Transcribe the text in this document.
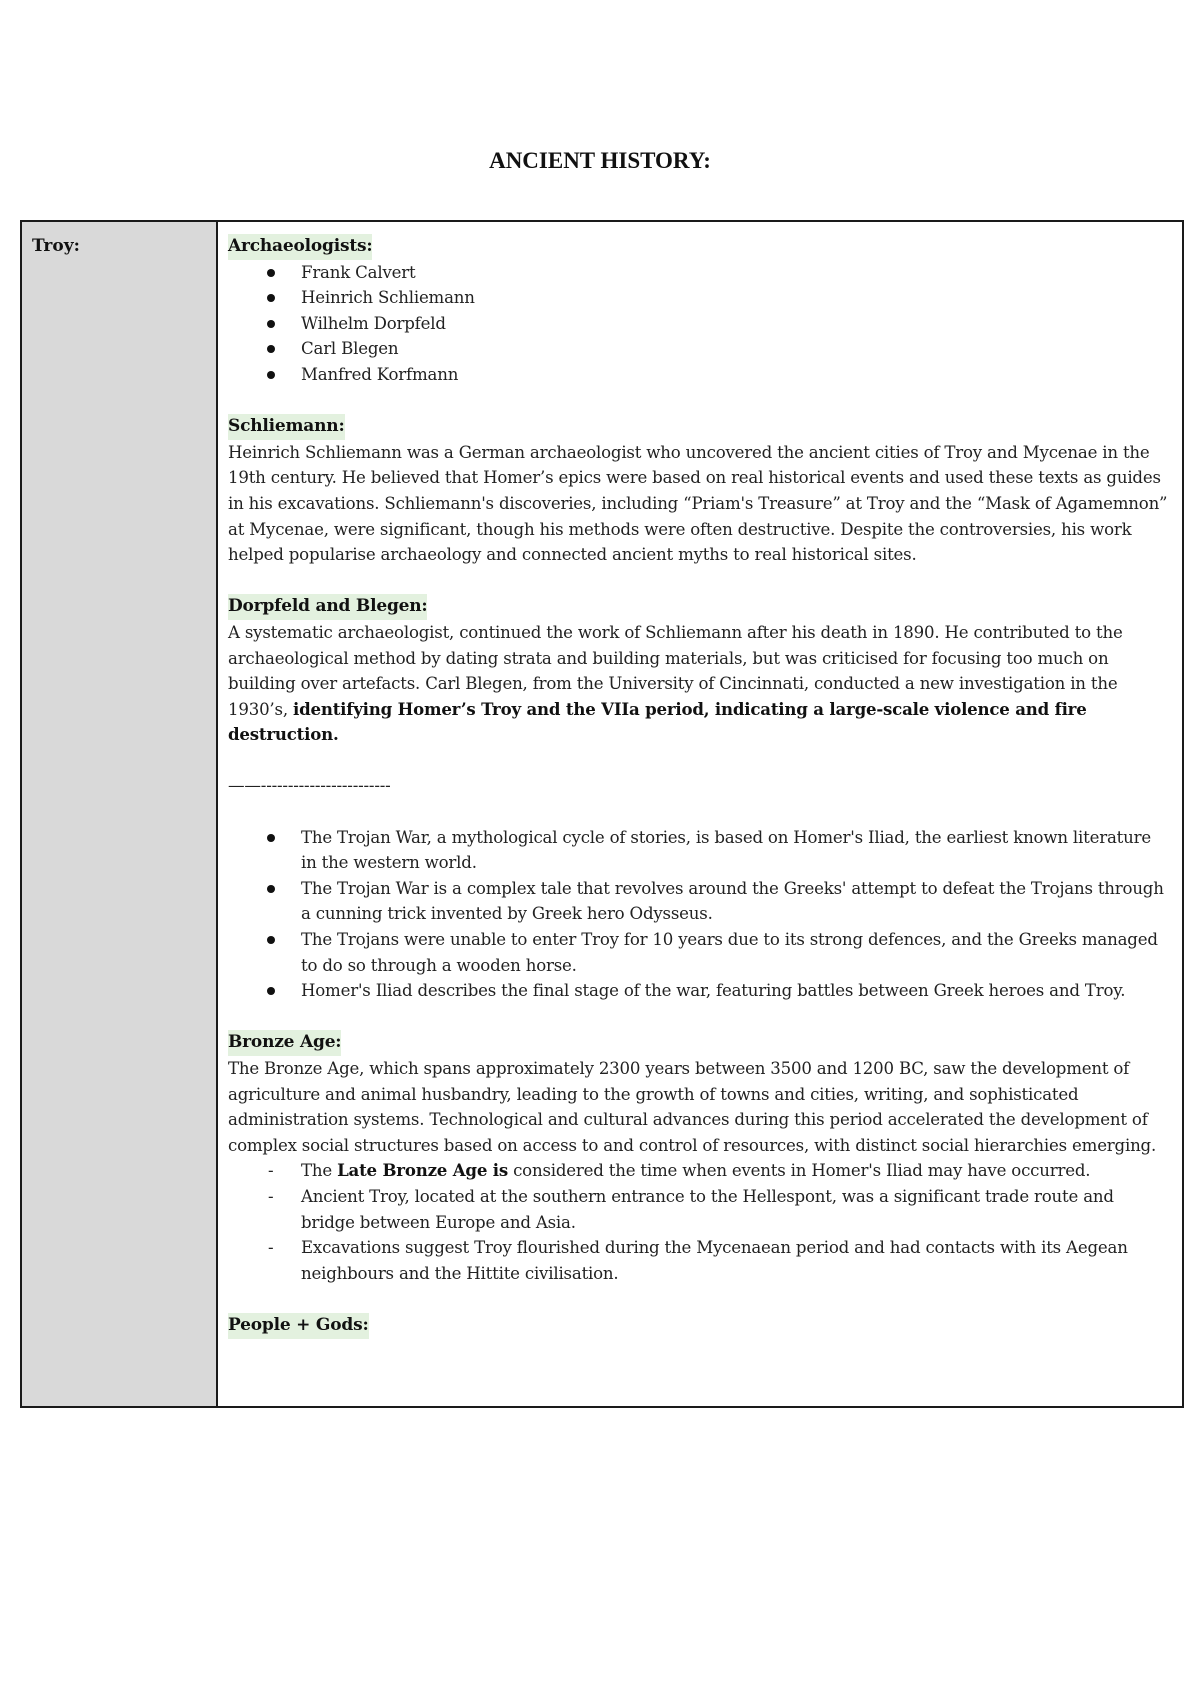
ANCIENT HISTORY:
Troy:	Archaeologists:
Frank Calvert
Heinrich Schliemann
Wilhelm Dorpfeld
Carl Blegen
Manfred Korfmann
Schliemann:

Heinrich Schliemann was a German archaeologist who uncovered the ancient cities of Troy and Mycenae in the 19th century. He believed that Homer’s epics were based on real historical events and used these texts as guides in his excavations. Schliemann's discoveries, including “Priam's Treasure” at Troy and the “Mask of Agamemnon” at Mycenae, were significant, though his methods were often destructive. Despite the controversies, his work helped popularise archaeology and connected ancient myths to real historical sites.

Dorpfeld and Blegen:

A systematic archaeologist, continued the work of Schliemann after his death in 1890. He contributed to the archaeological method by dating strata and building materials, but was criticised for focusing too much on building over artefacts. Carl Blegen, from the University of Cincinnati, conducted a new investigation in the 1930’s, identifying Homer’s Troy and the VIIa period, indicating a large-scale violence and fire destruction.

——------------------------

The Trojan War, a mythological cycle of stories, is based on Homer's Iliad, the earliest known literature in the western world.
The Trojan War is a complex tale that revolves around the Greeks' attempt to defeat the Trojans through a cunning trick invented by Greek hero Odysseus.
The Trojans were unable to enter Troy for 10 years due to its strong defences, and the Greeks managed to do so through a wooden horse.
Homer's Iliad describes the final stage of the war, featuring battles between Greek heroes and Troy.
Bronze Age:

The Bronze Age, which spans approximately 2300 years between 3500 and 1200 BC, saw the development of agriculture and animal husbandry, leading to the growth of towns and cities, writing, and sophisticated administration systems. Technological and cultural advances during this period accelerated the development of complex social structures based on access to and control of resources, with distinct social hierarchies emerging.

- The Late Bronze Age is considered the time when events in Homer's Iliad may have occurred.
- Ancient Troy, located at the southern entrance to the Hellespont, was a significant trade route and bridge between Europe and Asia.
- Excavations suggest Troy flourished during the Mycenaean period and had contacts with its Aegean neighbours and the Hittite civilisation.
People + Gods:
